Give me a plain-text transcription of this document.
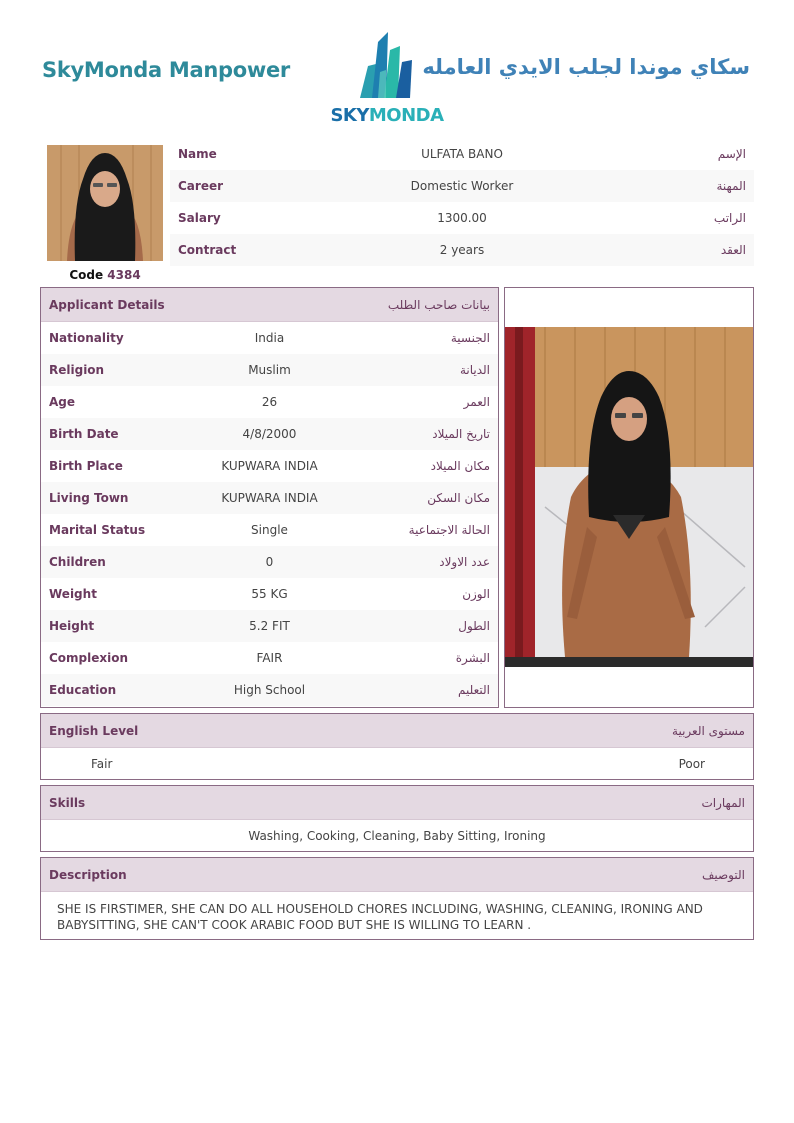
SkyMonda Manpower
SKYMONDA
سكاي موندا لجلب الايدي العامله
Code 4384
Name	ULFATA BANO	الإسم
Career	Domestic Worker	المهنة
Salary	1300.00	الراتب
Contract	2 years	العقد
Applicant Details	بيانات صاحب الطلب
Nationality	India	الجنسية
Religion	Muslim	الديانة
Age	26	العمر
Birth Date	4/8/2000	تاريخ الميلاد
Birth Place	KUPWARA INDIA	مكان الميلاد
Living Town	KUPWARA INDIA	مكان السكن
Marital Status	Single	الحالة الاجتماعية
Children	0	عدد الاولاد
Weight	55 KG	الوزن
Height	5.2 FIT	الطول
Complexion	FAIR	البشرة
Education	High School	التعليم
English Level	مستوى العربية
Fair	Poor
Skills	المهارات
Washing, Cooking, Cleaning, Baby Sitting, Ironing
Description	التوصيف
SHE IS FIRSTIMER, SHE CAN DO ALL HOUSEHOLD CHORES INCLUDING, WASHING, CLEANING, IRONING AND BABYSITTING, SHE CAN'T COOK ARABIC FOOD BUT SHE IS WILLING TO LEARN .
